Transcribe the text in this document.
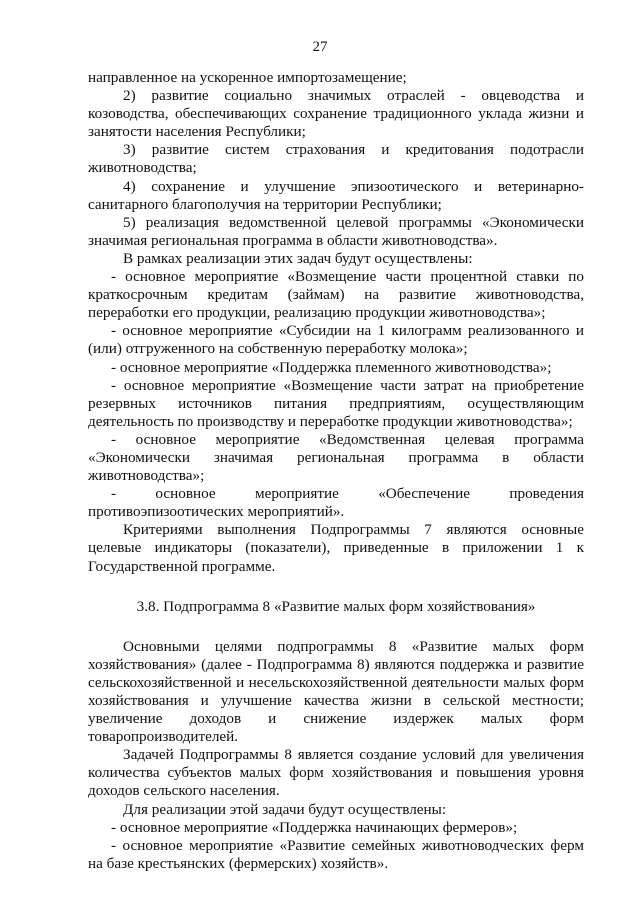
27

направленное на ускоренное импортозамещение;

2) развитие социально значимых отраслей - овцеводства и козоводства, обеспечивающих сохранение традиционного уклада жизни и занятости населения Республики;

3) развитие систем страхования и кредитования подотрасли животноводства;

4) сохранение и улучшение эпизоотического и ветеринарно-санитарного благополучия на территории Республики;

5) реализация ведомственной целевой программы «Экономически значимая региональная программа в области животноводства».

В рамках реализации этих задач будут осуществлены:

- основное мероприятие «Возмещение части процентной ставки по краткосрочным кредитам (займам) на развитие животноводства, переработки его продукции, реализацию продукции животноводства»;

- основное мероприятие «Субсидии на 1 килограмм реализованного и (или) отгруженного на собственную переработку молока»;

- основное мероприятие «Поддержка племенного животноводства»;

- основное мероприятие «Возмещение части затрат на приобретение резервных источников питания предприятиям, осуществляющим деятельность по производству и переработке продукции животноводства»;

- основное мероприятие «Ведомственная целевая программа «Экономически значимая региональная программа в области животноводства»;

- основное мероприятие «Обеспечение проведения противоэпизоотических мероприятий».

Критериями выполнения Подпрограммы 7 являются основные целевые индикаторы (показатели), приведенные в приложении 1 к Государственной программе.

3.8. Подпрограмма 8 «Развитие малых форм хозяйствования»

Основными целями подпрограммы 8 «Развитие малых форм хозяйствования» (далее - Подпрограмма 8) являются поддержка и развитие сельскохозяйственной и несельскохозяйственной деятельности малых форм хозяйствования и улучшение качества жизни в сельской местности; увеличение доходов и снижение издержек малых форм товаропроизводителей.

Задачей Подпрограммы 8 является создание условий для увеличения количества субъектов малых форм хозяйствования и повышения уровня доходов сельского населения.

Для реализации этой задачи будут осуществлены:

- основное мероприятие «Поддержка начинающих фермеров»;

- основное мероприятие «Развитие семейных животноводческих ферм на базе крестьянских (фермерских) хозяйств».
